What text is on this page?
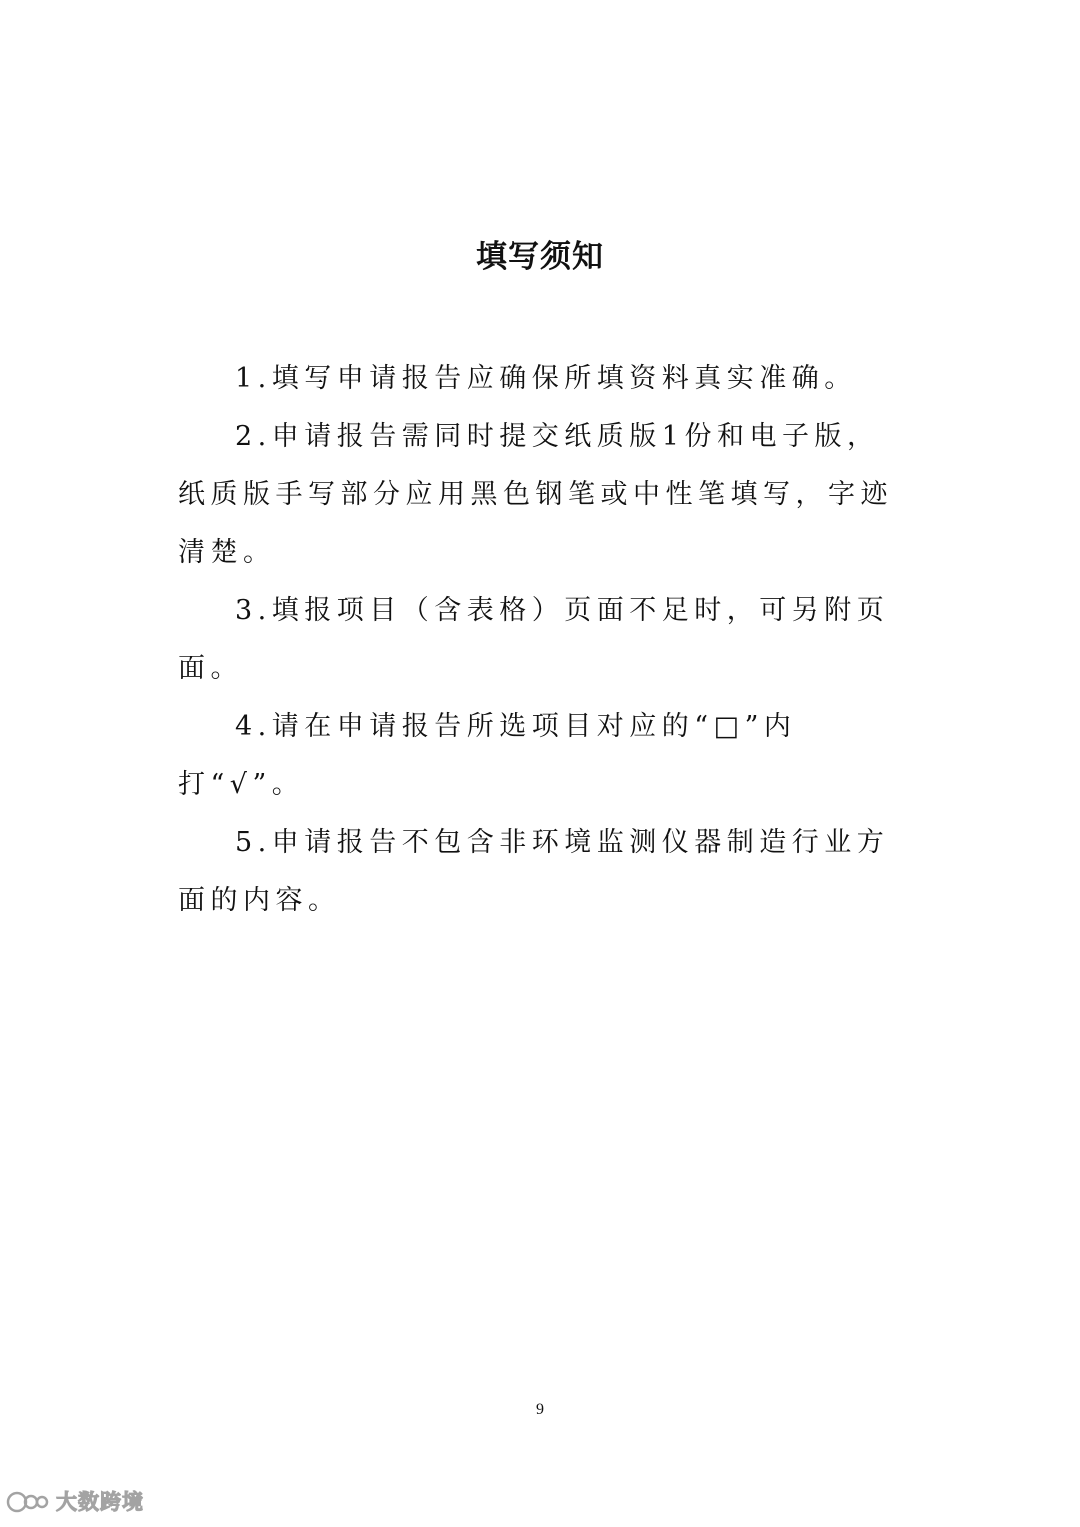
填写须知

1.填写申请报告应确保所填资料真实准确。

2.申请报告需同时提交纸质版1份和电子版，纸质版手写部分应用黑色钢笔或中性笔填写，字迹清楚。

3.填报项目（含表格）页面不足时，可另附页面。

4.请在申请报告所选项目对应的“□”内打“√”。

5.申请报告不包含非环境监测仪器制造行业方面的内容。

9
大数跨境
